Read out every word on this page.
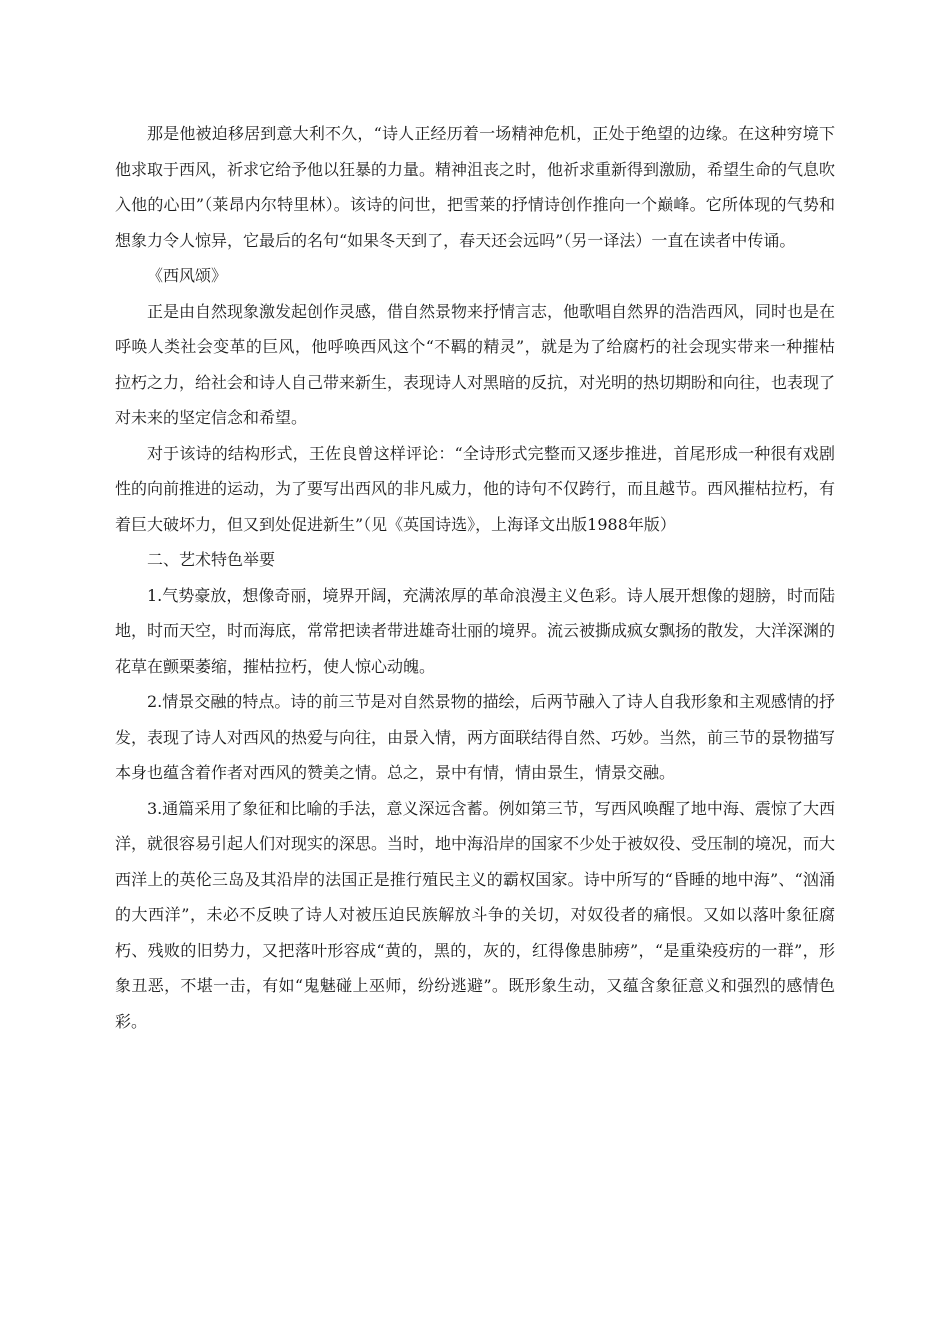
那是他被迫移居到意大利不久，“诗人正经历着一场精神危机，正处于绝望的边缘。在这种穷境下他求取于西风，祈求它给予他以狂暴的力量。精神沮丧之时，他祈求重新得到激励，希望生命的气息吹入他的心田”（莱昂内尔特里林）。该诗的问世，把雪莱的抒情诗创作推向一个巅峰。它所体现的气势和想象力令人惊异，它最后的名句“如果冬天到了，春天还会远吗”（另一译法）一直在读者中传诵。

《西风颂》

正是由自然现象激发起创作灵感，借自然景物来抒情言志，他歌唱自然界的浩浩西风，同时也是在呼唤人类社会变革的巨风，他呼唤西风这个“不羁的精灵”，就是为了给腐朽的社会现实带来一种摧枯拉朽之力，给社会和诗人自己带来新生，表现诗人对黑暗的反抗，对光明的热切期盼和向往，也表现了对未来的坚定信念和希望。

对于该诗的结构形式，王佐良曾这样评论：“全诗形式完整而又逐步推进，首尾形成一种很有戏剧性的向前推进的运动，为了要写出西风的非凡威力，他的诗句不仅跨行，而且越节。西风摧枯拉朽，有着巨大破坏力，但又到处促进新生”（见《英国诗选》，上海译文出版1988年版）

二、艺术特色举要

1.气势豪放，想像奇丽，境界开阔，充满浓厚的革命浪漫主义色彩。诗人展开想像的翅膀，时而陆地，时而天空，时而海底，常常把读者带进雄奇壮丽的境界。流云被撕成疯女飘扬的散发，大洋深渊的花草在颤栗萎缩，摧枯拉朽，使人惊心动魄。

2.情景交融的特点。诗的前三节是对自然景物的描绘，后两节融入了诗人自我形象和主观感情的抒发，表现了诗人对西风的热爱与向往，由景入情，两方面联结得自然、巧妙。当然，前三节的景物描写本身也蕴含着作者对西风的赞美之情。总之，景中有情，情由景生，情景交融。

3.通篇采用了象征和比喻的手法，意义深远含蓄。例如第三节，写西风唤醒了地中海、震惊了大西洋，就很容易引起人们对现实的深思。当时，地中海沿岸的国家不少处于被奴役、受压制的境况，而大西洋上的英伦三岛及其沿岸的法国正是推行殖民主义的霸权国家。诗中所写的“昏睡的地中海”、“汹涌的大西洋”，未必不反映了诗人对被压迫民族解放斗争的关切，对奴役者的痛恨。又如以落叶象征腐朽、残败的旧势力，又把落叶形容成“黄的，黑的，灰的，红得像患肺痨”，“是重染疫疠的一群”，形象丑恶，不堪一击，有如“鬼魅碰上巫师，纷纷逃避”。既形象生动，又蕴含象征意义和强烈的感情色彩。
